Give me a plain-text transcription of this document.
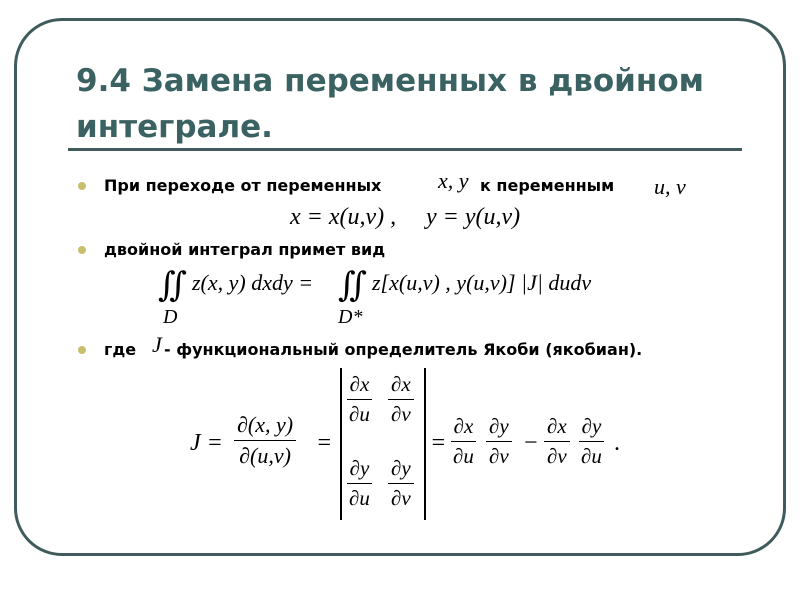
9.4 Замена переменных в двойном интеграле.
При переходе от переменных	x, y к переменным u, v
x = x(u,v) , y = y(u,v)
двойной интеграл примет вид
∬
D
z(x, y) dxdy = ∬
D*
z[x(u,v) , y(u,v)] |J| dudv
где J - функциональный определитель Якоби (якобиан).
$J = \frac{\partial(x, y)}{\partial(u,v)}$ =
$\frac{\partial x}{\partial u} \frac{\partial x}{\partial v}$
$\frac{\partial y}{\partial u} \frac{\partial y}{\partial v}$
= $\frac{\partial x}{\partial u} \frac{\partial y}{\partial v} - \frac{\partial x}{\partial v} \frac{\partial y}{\partial u}$ .
